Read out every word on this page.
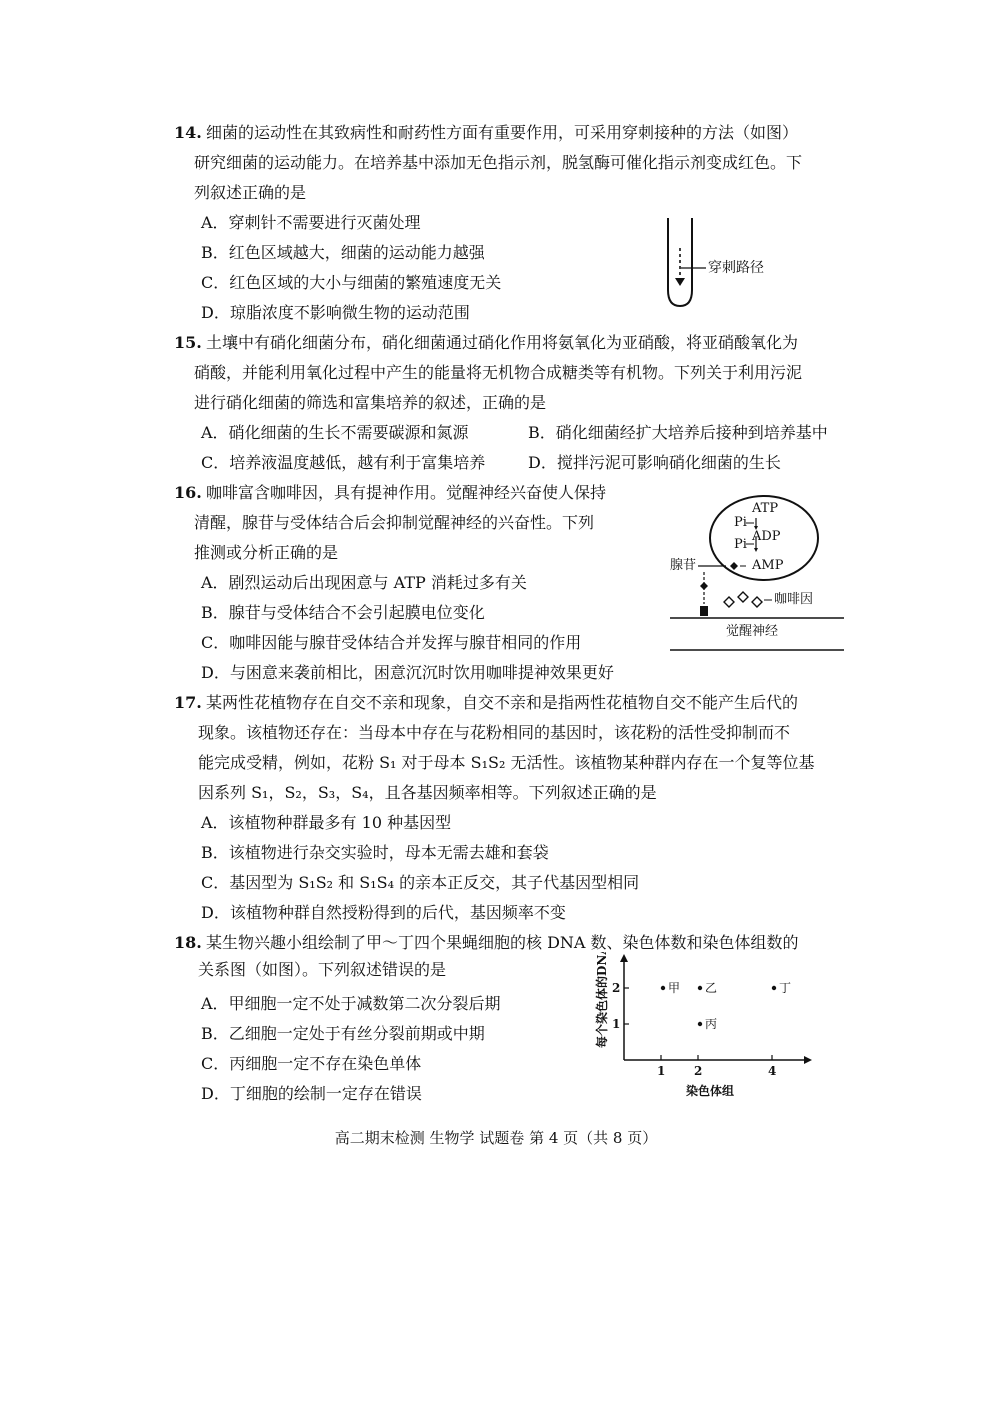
14. 细菌的运动性在其致病性和耐药性方面有重要作用，可采用穿刺接种的方法（如图）
研究细菌的运动能力。在培养基中添加无色指示剂，脱氢酶可催化指示剂变成红色。下
列叙述正确的是
A．穿刺针不需要进行灭菌处理
B．红色区域越大，细菌的运动能力越强
C．红色区域的大小与细菌的繁殖速度无关
D．琼脂浓度不影响微生物的运动范围
穿刺路径
15. 土壤中有硝化细菌分布，硝化细菌通过硝化作用将氨氧化为亚硝酸，将亚硝酸氧化为
硝酸，并能利用氧化过程中产生的能量将无机物合成糖类等有机物。下列关于利用污泥
进行硝化细菌的筛选和富集培养的叙述，正确的是
A．硝化细菌的生长不需要碳源和氮源	B．硝化细菌经扩大培养后接种到培养基中
C．培养液温度越低，越有利于富集培养	D．搅拌污泥可影响硝化细菌的生长
16. 咖啡富含咖啡因，具有提神作用。觉醒神经兴奋使人保持
清醒，腺苷与受体结合后会抑制觉醒神经的兴奋性。下列
推测或分析正确的是
A．剧烈运动后出现困意与 ATP 消耗过多有关
B．腺苷与受体结合不会引起膜电位变化
C．咖啡因能与腺苷受体结合并发挥与腺苷相同的作用
D．与困意来袭前相比，困意沉沉时饮用咖啡提神效果更好
ATP
Pi
ADP
Pi
AMP
腺苷
咖啡因
觉醒神经
17. 某两性花植物存在自交不亲和现象，自交不亲和是指两性花植物自交不能产生后代的
现象。该植物还存在：当母本中存在与花粉相同的基因时，该花粉的活性受抑制而不
能完成受精，例如，花粉 S₁ 对于母本 S₁S₂ 无活性。该植物某种群内存在一个复等位基
因系列 S₁，S₂，S₃，S₄，且各基因频率相等。下列叙述正确的是
A．该植物种群最多有 10 种基因型
B．该植物进行杂交实验时，母本无需去雄和套袋
C．基因型为 S₁S₂ 和 S₁S₄ 的亲本正反交，其子代基因型相同
D．该植物种群自然授粉得到的后代，基因频率不变
18. 某生物兴趣小组绘制了甲～丁四个果蝇细胞的核 DNA 数、染色体数和染色体组数的
关系图（如图）。下列叙述错误的是
A．甲细胞一定不处于减数第二次分裂后期
B．乙细胞一定处于有丝分裂前期或中期
C．丙细胞一定不存在染色单体
D．丁细胞的绘制一定存在错误
每个染色体的DNA分子数
染色体组
1 2	4
1
2	甲 乙
丙
丁
高二期末检测 生物学 试题卷 第 4 页（共 8 页）
